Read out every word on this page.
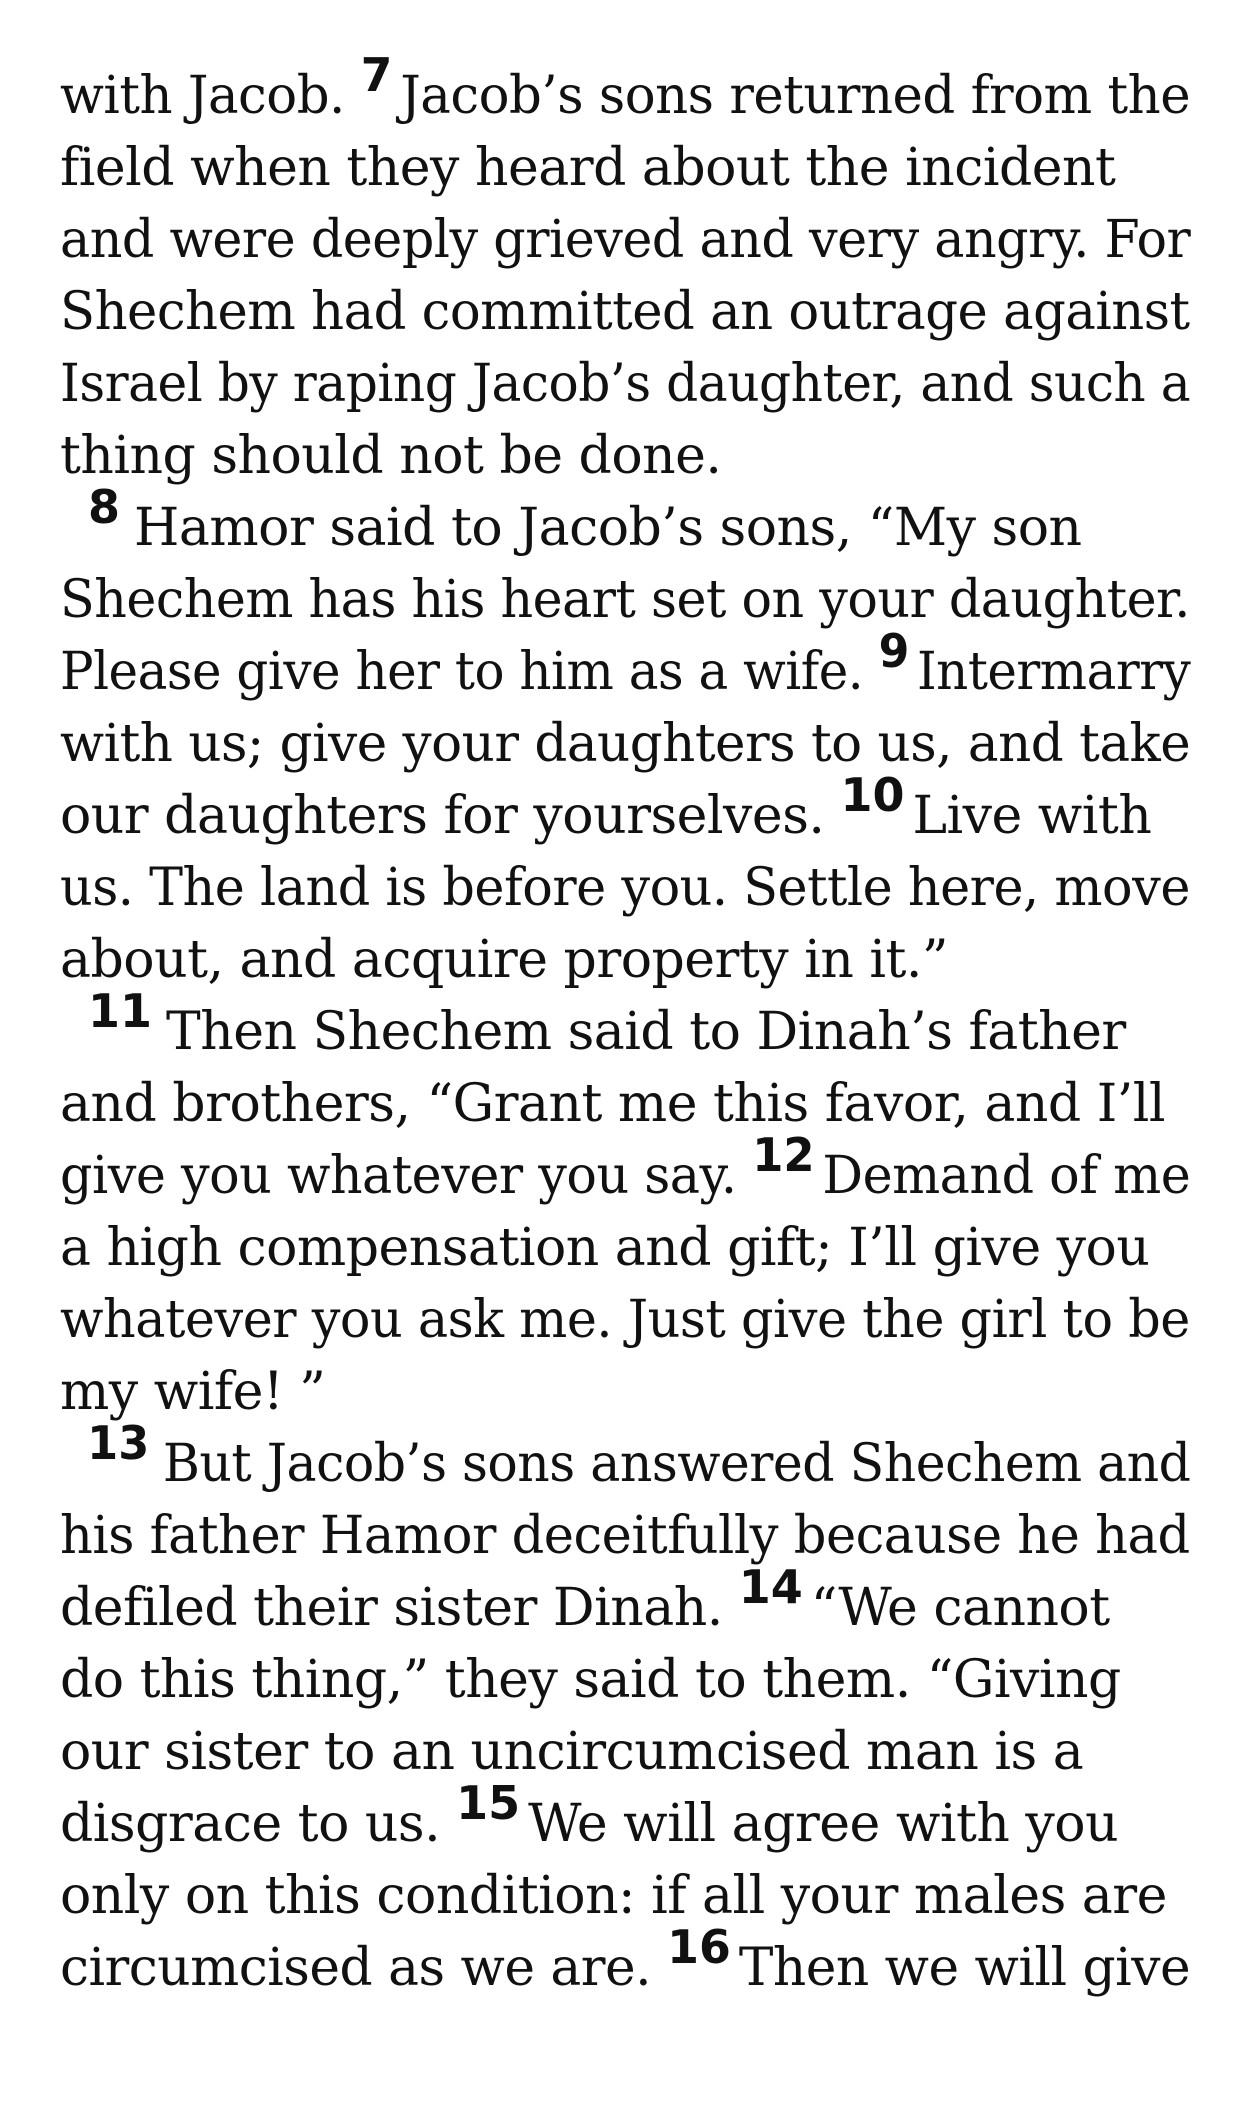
with Jacob. 7 Jacob’s sons returned from the
field when they heard about the incident
and were deeply grieved and very angry. For
Shechem had committed an outrage against
Israel by raping Jacob’s daughter, and such a
thing should not be done.
8 Hamor said to Jacob’s sons, “My son
Shechem has his heart set on your daughter.
Please give her to him as a wife. 9 Intermarry
with us; give your daughters to us, and take
our daughters for yourselves. 10 Live with
us. The land is before you. Settle here, move
about, and acquire property in it.”
11 Then Shechem said to Dinah’s father
and brothers, “Grant me this favor, and I’ll
give you whatever you say. 12 Demand of me
a high compensation and gift; I’ll give you
whatever you ask me. Just give the girl to be
my wife! ”
13 But Jacob’s sons answered Shechem and
his father Hamor deceitfully because he had
defiled their sister Dinah. 14 “We cannot
do this thing,” they said to them. “Giving
our sister to an uncircumcised man is a
disgrace to us. 15 We will agree with you
only on this condition: if all your males are
circumcised as we are. 16 Then we will give
